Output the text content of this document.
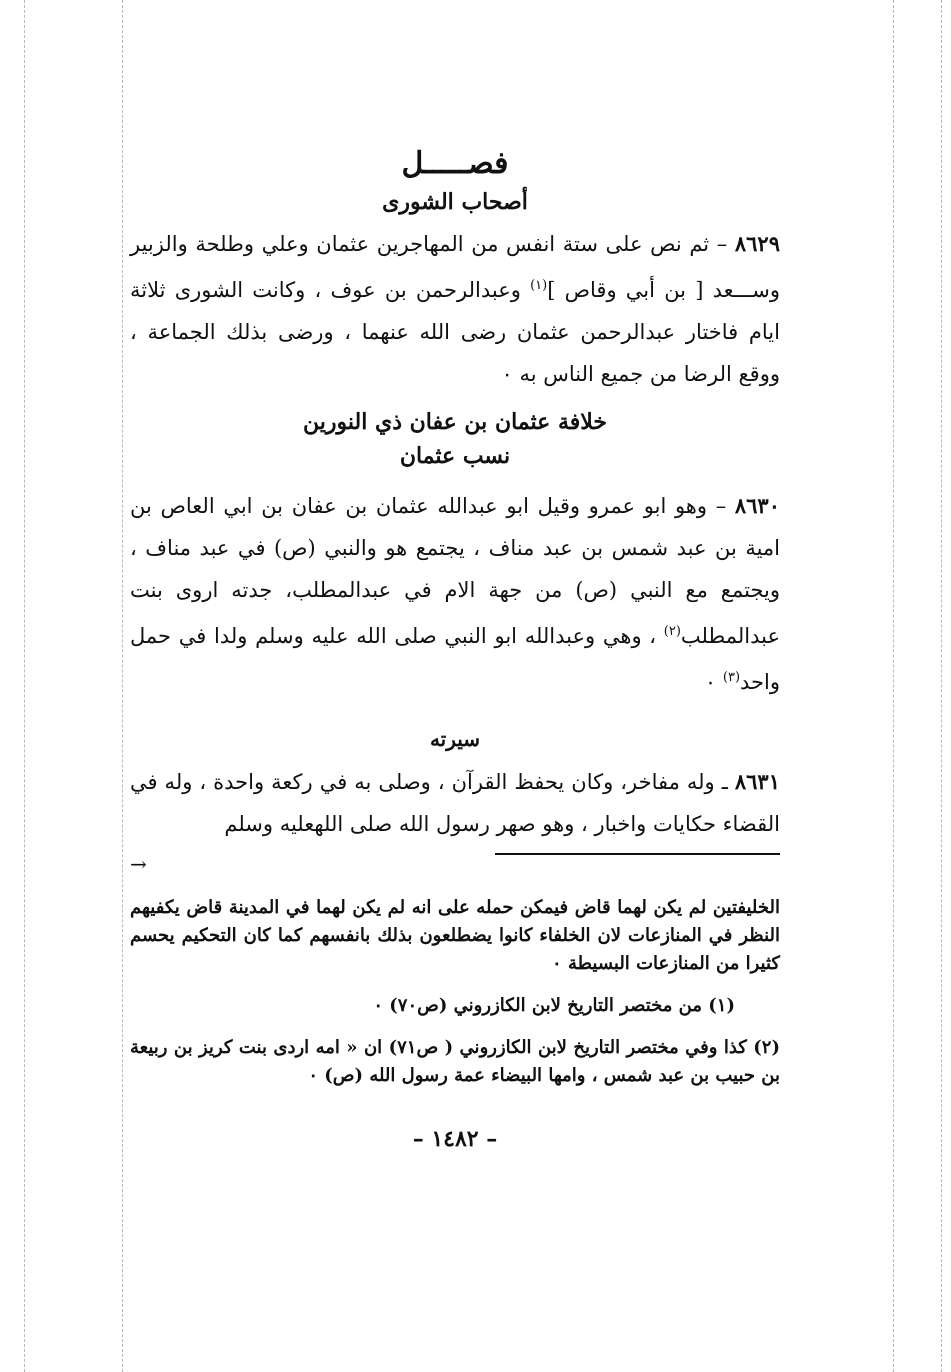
فصـــــل
أصحاب الشورى

٨٦٢٩ – ثم نص على ستة انفس من المهاجرين عثمان وعلي وطلحة والزبير وســـعد [ بن أبي وقاص ]$^{(١)}$ وعبدالرحمن بن عوف ، وكانت الشورى ثلاثة ايام فاختار عبدالرحمن عثمان رضى الله عنهما ، ورضى بذلك الجماعة ، ووقع الرضا من جميع الناس به ٠

خلافة عثمان بن عفان ذي النورين
نسب عثمان

٨٦٣٠ – وهو ابو عمرو وقيل ابو عبدالله عثمان بن عفان بن ابي العاص بن امية بن عبد شمس بن عبد مناف ، يجتمع هو والنبي (ص) في عبد مناف ، ويجتمع مع النبي (ص) من جهة الام في عبدالمطلب، جدته اروى بنت عبدالمطلب$^{(٢)}$ ، وهي وعبدالله ابو النبي صلى الله عليه وسلم ولدا في حمل واحد$^{(٣)}$ ٠

سيرته

٨٦٣١ ـ وله مفاخر، وكان يحفظ القرآن ، وصلى به في ركعة واحدة ، وله في القضاء حكايات واخبار ، وهو صهر رسول الله صلى اللهعليه وسلم

→
الخليفتين لم يكن لهما قاض فيمكن حمله على انه لم يكن لهما في المدينة قاض يكفيهم النظر في المنازعات لان الخلفاء كانوا يضطلعون بذلك بانفسهم كما كان التحكيم يحسم كثيرا من المنازعات البسيطة ٠
(١) من مختصر التاريخ لابن الكازروني (ص٧٠) ٠
(٢) كذا وفي مختصر التاريخ لابن الكازروني ( ص٧١) ان « امه اردى بنت كريز بن ربيعة بن حبيب بن عبد شمس ، وامها البيضاء عمة رسول الله (ص) ٠
– ١٤٨٢ –
